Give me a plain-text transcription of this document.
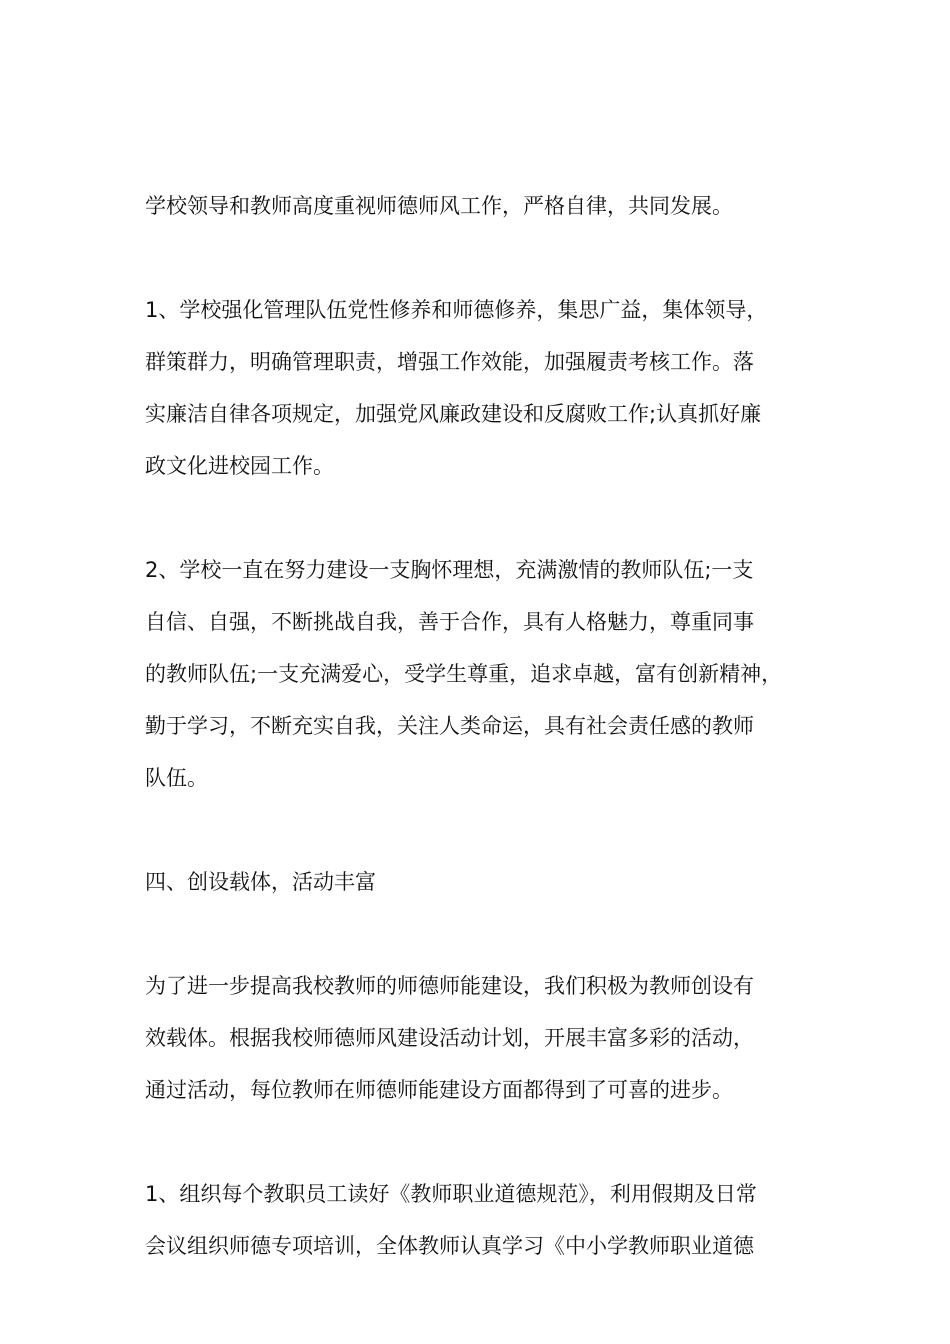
学校领导和教师高度重视师德师风工作，严格自律，共同发展。

1、学校强化管理队伍党性修养和师德修养，集思广益，集体领导，
群策群力，明确管理职责，增强工作效能，加强履责考核工作。落
实廉洁自律各项规定，加强党风廉政建设和反腐败工作;认真抓好廉
政文化进校园工作。

2、学校一直在努力建设一支胸怀理想，充满激情的教师队伍;一支
自信、自强，不断挑战自我，善于合作，具有人格魅力，尊重同事
的教师队伍;一支充满爱心，受学生尊重，追求卓越，富有创新精神，
勤于学习，不断充实自我，关注人类命运，具有社会责任感的教师
队伍。

四、创设载体，活动丰富

为了进一步提高我校教师的师德师能建设，我们积极为教师创设有
效载体。根据我校师德师风建设活动计划，开展丰富多彩的活动，
通过活动，每位教师在师德师能建设方面都得到了可喜的进步。

1、组织每个教职员工读好《教师职业道德规范》，利用假期及日常
会议组织师德专项培训，全体教师认真学习《中小学教师职业道德
